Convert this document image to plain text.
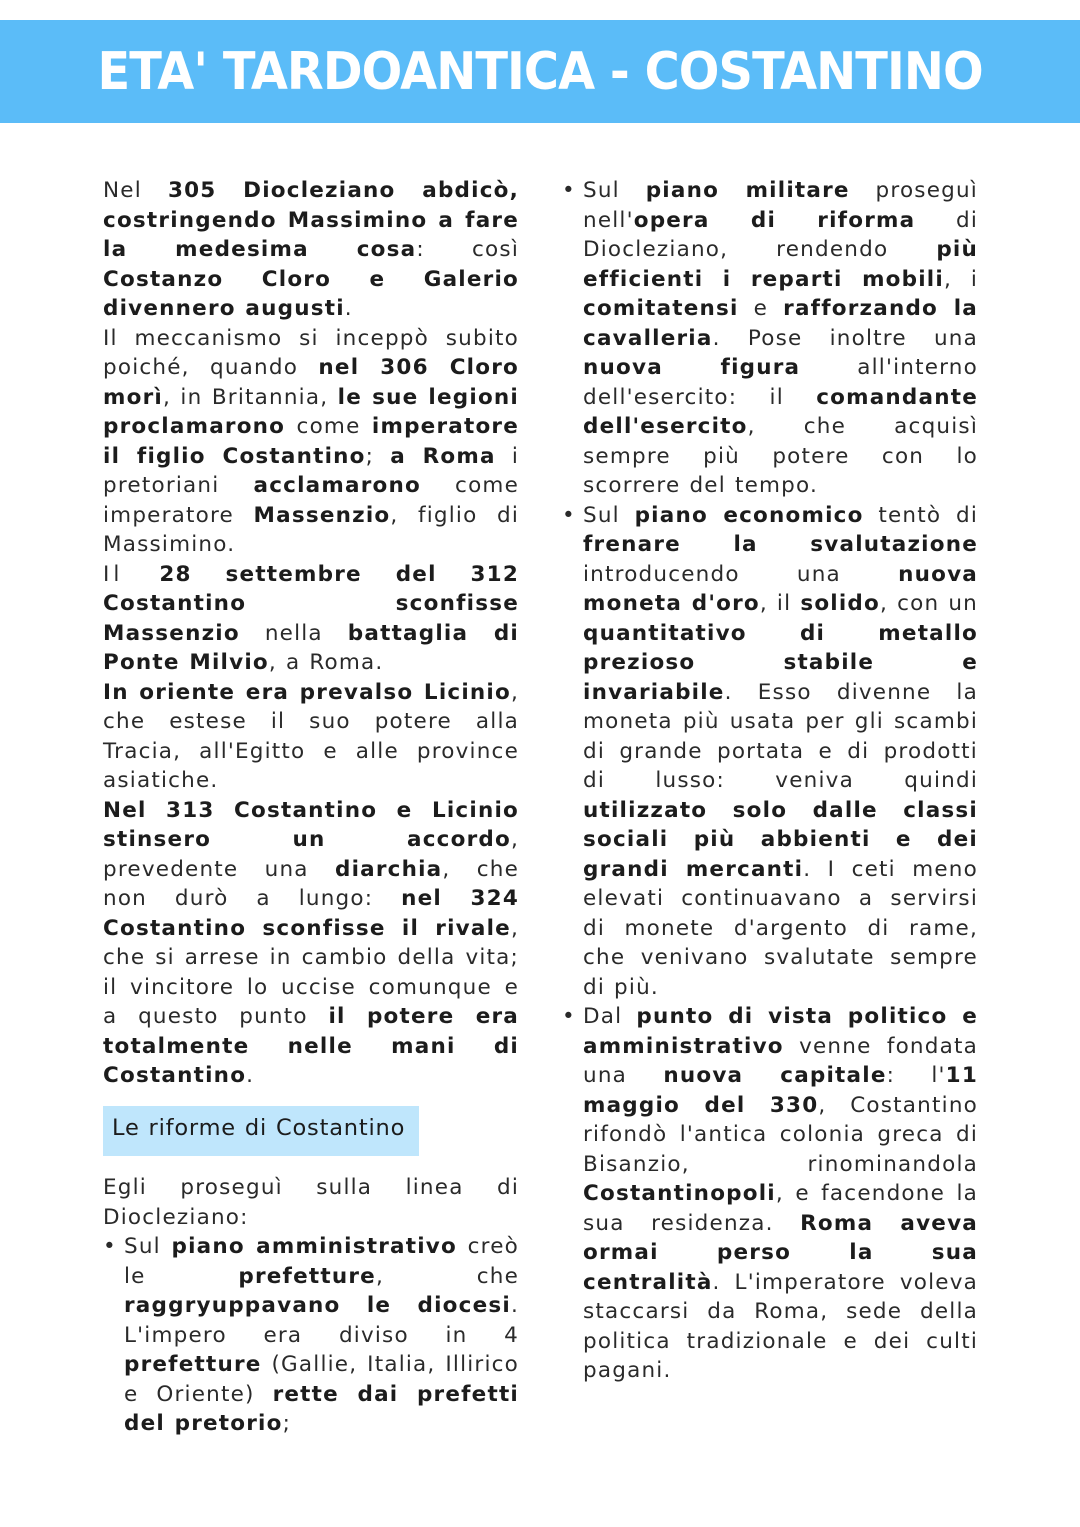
ETA' TARDOANTICA - COSTANTINO

Nel 305 Diocleziano abdicò, costringendo Massimino a fare la medesima cosa: così Costanzo Cloro e Galerio divennero augusti.

Il meccanismo si inceppò subito poiché, quando nel 306 Cloro morì, in Britannia, le sue legioni proclamarono come imperatore il figlio Costantino; a Roma i pretoriani acclamarono come imperatore Massenzio, figlio di Massimino.

Il 28 settembre del 312 Costantino sconfisse Massenzio nella battaglia di Ponte Milvio, a Roma.

In oriente era prevalso Licinio, che estese il suo potere alla Tracia, all'Egitto e alle province asiatiche.

Nel 313 Costantino e Licinio stinsero un accordo, prevedente una diarchia, che non durò a lungo: nel 324 Costantino sconfisse il rivale, che si arrese in cambio della vita; il vincitore lo uccise comunque e a questo punto il potere era totalmente nelle mani di Costantino.

Le riforme di Costantino

Egli proseguì sulla linea di Diocleziano:

• Sul piano amministrativo creò le prefetture, che raggryuppavano le diocesi. L'impero era diviso in 4 prefetture (Gallie, Italia, Illirico e Oriente) rette dai prefetti del pretorio;
• Sul piano militare proseguì nell'opera di riforma di Diocleziano, rendendo più efficienti i reparti mobili, i comitatensi e rafforzando la cavalleria. Pose inoltre una nuova figura all'interno dell'esercito: il comandante dell'esercito, che acquisì sempre più potere con lo scorrere del tempo.
• Sul piano economico tentò di frenare la svalutazione introducendo una nuova moneta d'oro, il solido, con un quantitativo di metallo prezioso stabile e invariabile. Esso divenne la moneta più usata per gli scambi di grande portata e di prodotti di lusso: veniva quindi utilizzato solo dalle classi sociali più abbienti e dei grandi mercanti. I ceti meno elevati continuavano a servirsi di monete d'argento di rame, che venivano svalutate sempre di più.
• Dal punto di vista politico e amministrativo venne fondata una nuova capitale: l'11 maggio del 330, Costantino rifondò l'antica colonia greca di Bisanzio, rinominandola Costantinopoli, e facendone la sua residenza. Roma aveva ormai perso la sua centralità. L'imperatore voleva staccarsi da Roma, sede della politica tradizionale e dei culti pagani.
